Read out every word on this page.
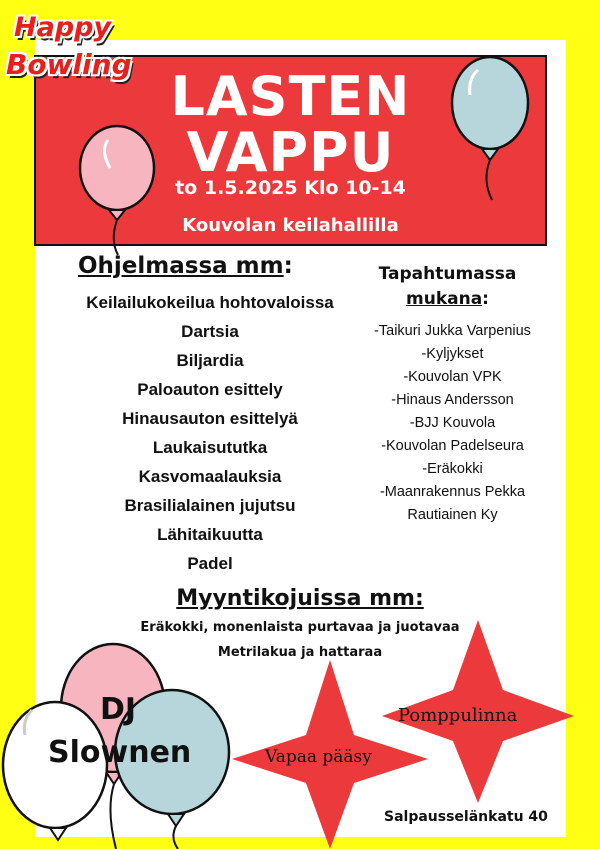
LASTEN
VAPPU
to 1.5.2025 Klo 10-14
Kouvolan keilahallilla
Happy
Bowling
Ohjelmassa mm:
Keilailukokeilua hohtovaloissa
Dartsia
Biljardia
Paloauton esittely
Hinausauton esittelyä
Laukaisututka
Kasvomaalauksia
Brasilialainen jujutsu
Lähitaikuutta
Padel
Tapahtumassa
mukana:
-Taikuri Jukka Varpenius
-Kyljykset
-Kouvolan VPK
-Hinaus Andersson
-BJJ Kouvola
-Kouvolan Padelseura
-Eräkokki
-Maanrakennus Pekka
Rautiainen Ky
Myyntikojuissa mm:
Eräkokki, monenlaista purtavaa ja juotavaa
Metrilakua ja hattaraa
Vapaa pääsy
Pomppulinna
DJ
Slownen
Salpausselänkatu 40
